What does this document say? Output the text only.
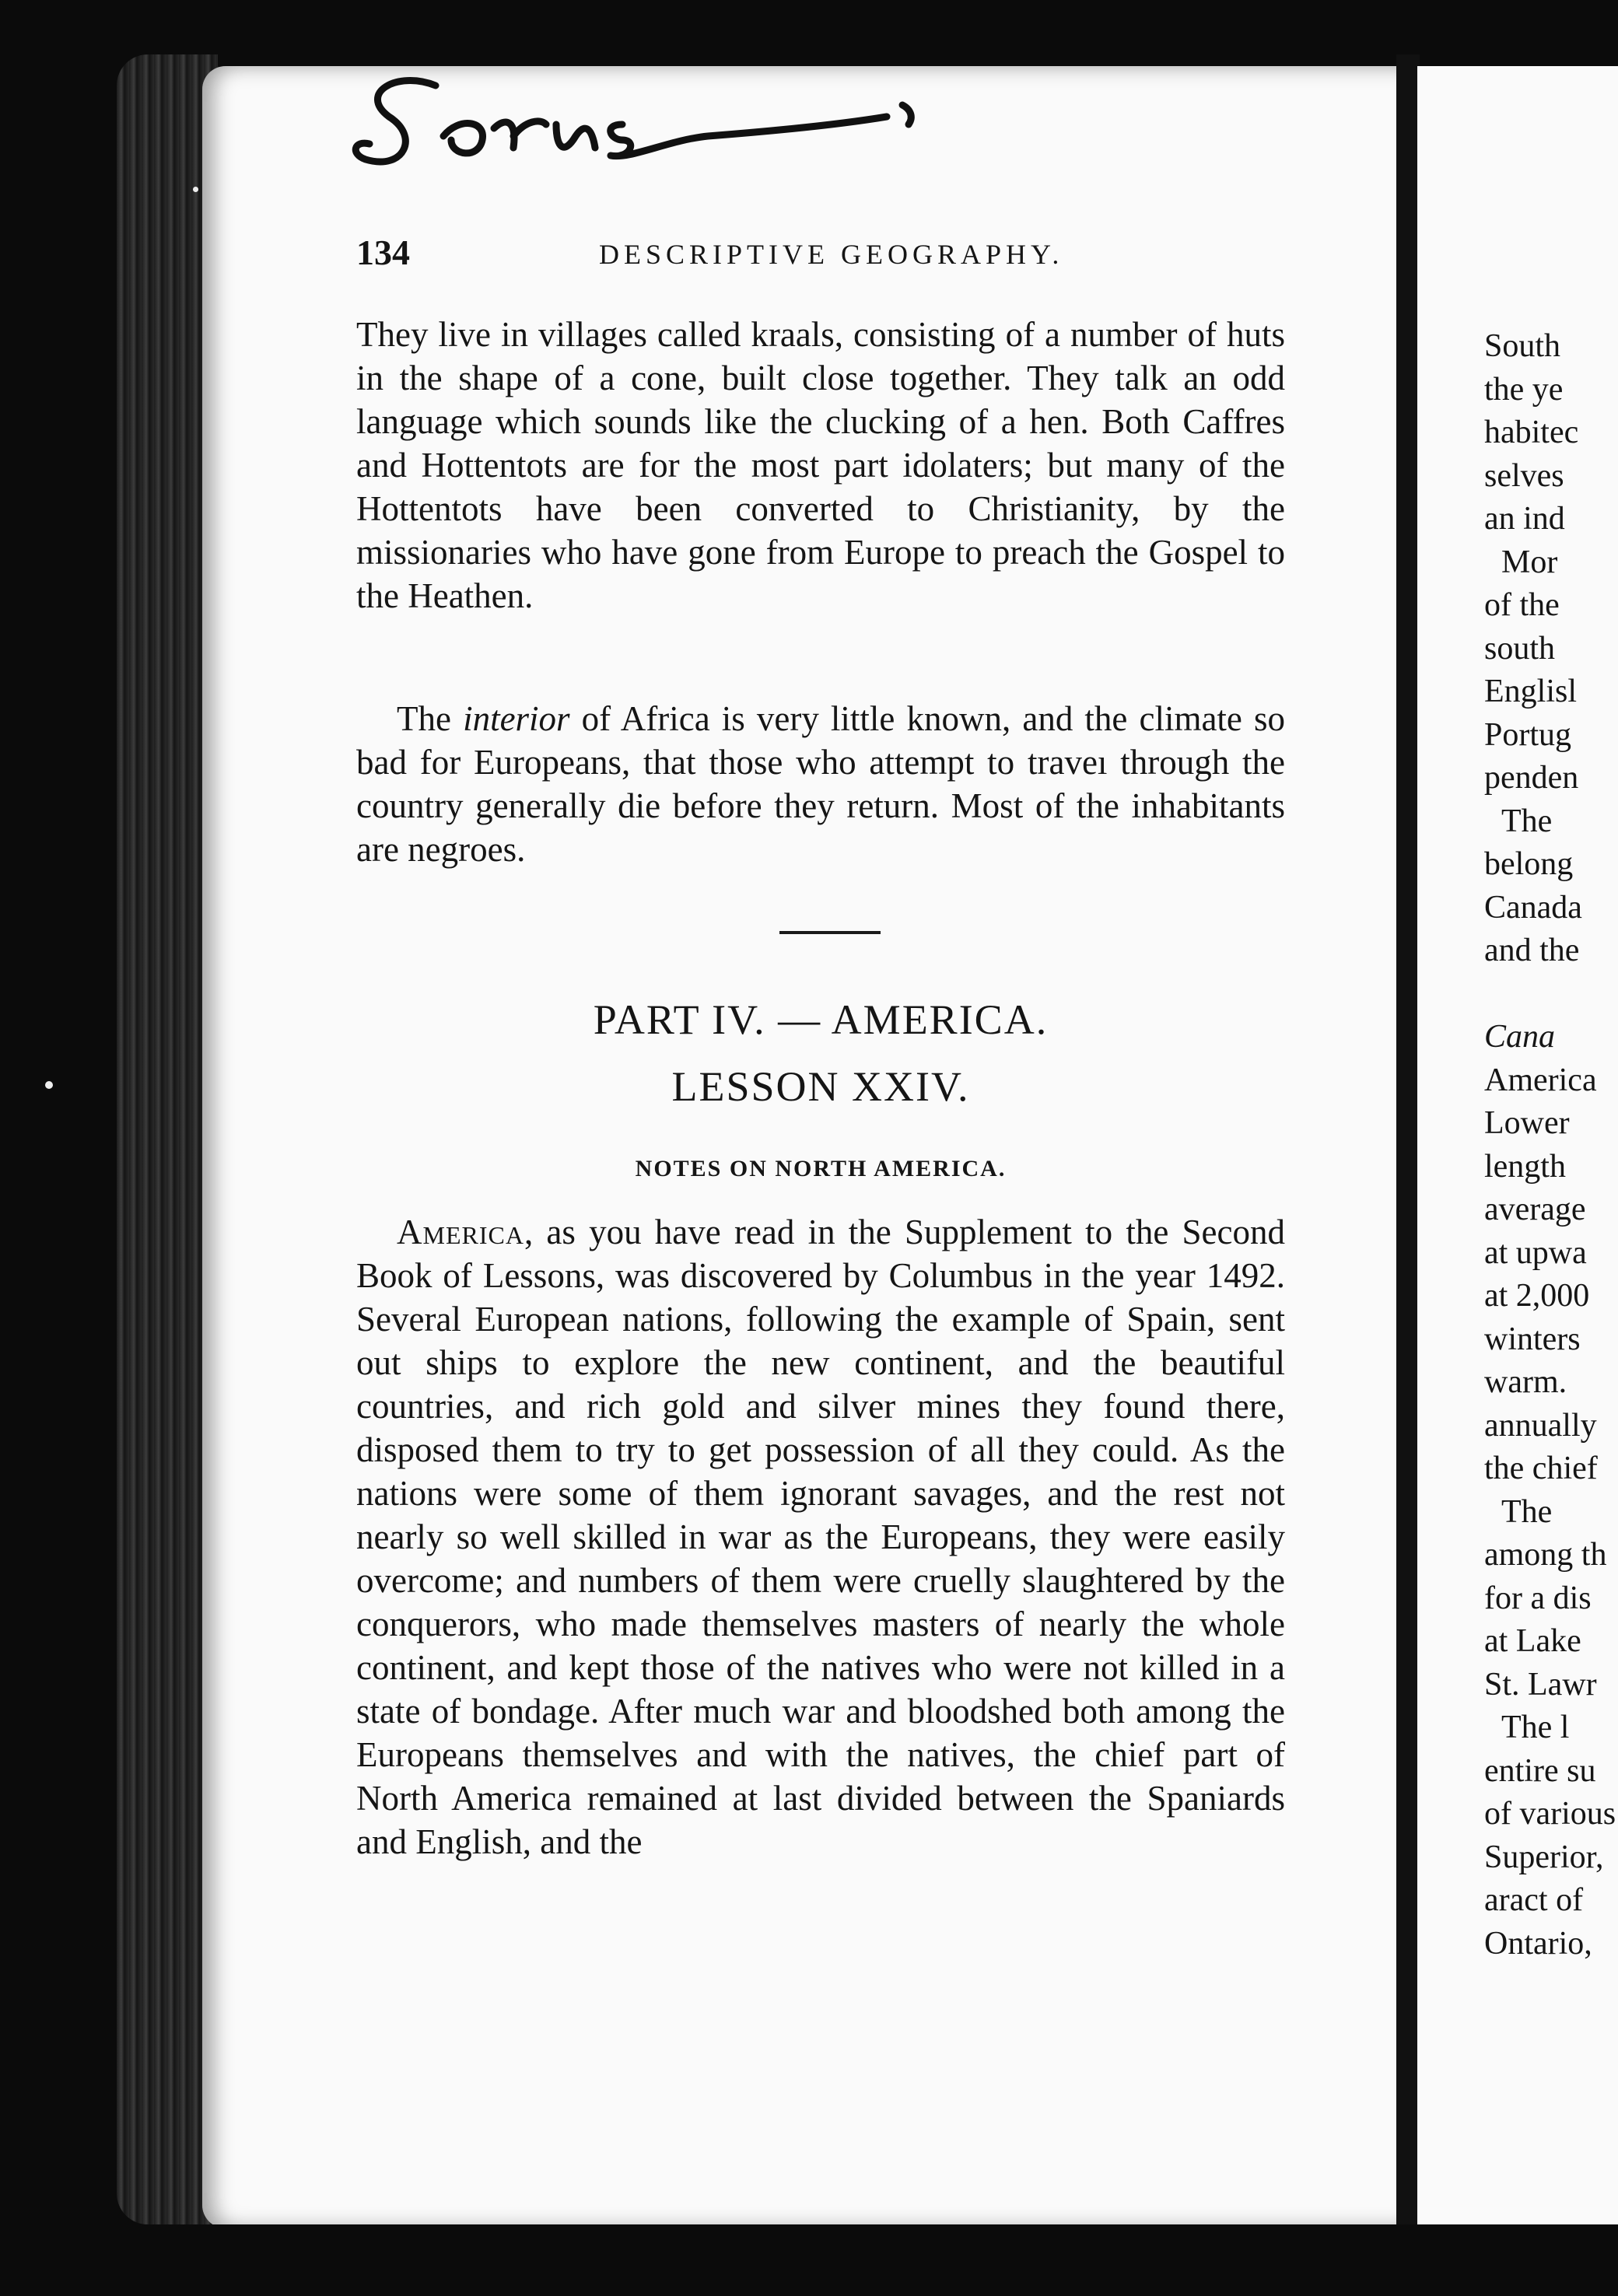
134	DESCRIPTIVE GEOGRAPHY.

They live in villages called kraals, consisting of a number of huts in the shape of a cone, built close together. They talk an odd language which sounds like the clucking of a hen. Both Caffres and Hottentots are for the most part idolaters; but many of the Hottentots have been converted to Christianity, by the missionaries who have gone from Europe to preach the Gospel to the Heathen.

The interior of Africa is very little known, and the climate so bad for Europeans, that those who attempt to traveı through the country generally die before they return. Most of the inhabitants are negroes.

PART IV. — AMERICA.
LESSON XXIV.
NOTES ON NORTH AMERICA.

America, as you have read in the Supplement to the Second Book of Lessons, was discovered by Columbus in the year 1492. Several European nations, following the example of Spain, sent out ships to explore the new continent, and the beautiful countries, and rich gold and silver mines they found there, disposed them to try to get possession of all they could. As the nations were some of them ignorant savages, and the rest not nearly so well skilled in war as the Europeans, they were easily overcome; and numbers of them were cruelly slaughtered by the conquerors, who made themselves masters of nearly the whole continent, and kept those of the natives who were not killed in a state of bondage. After much war and bloodshed both among the Europeans themselves and with the natives, the chief part of North America remained at last divided between the Spaniards and English, and the

South
the ye
habitec
selves
an ind
Mor
of the
south
Englisl
Portug
penden
The
belong
Canada
and the
Cana
America
Lower
length
average
at upwa
at 2,000
winters
warm.
annually
the chief
The
among th
for a dis
at Lake
St. Lawr
The l
entire su
of various
Superior,
aract of
Ontario,
